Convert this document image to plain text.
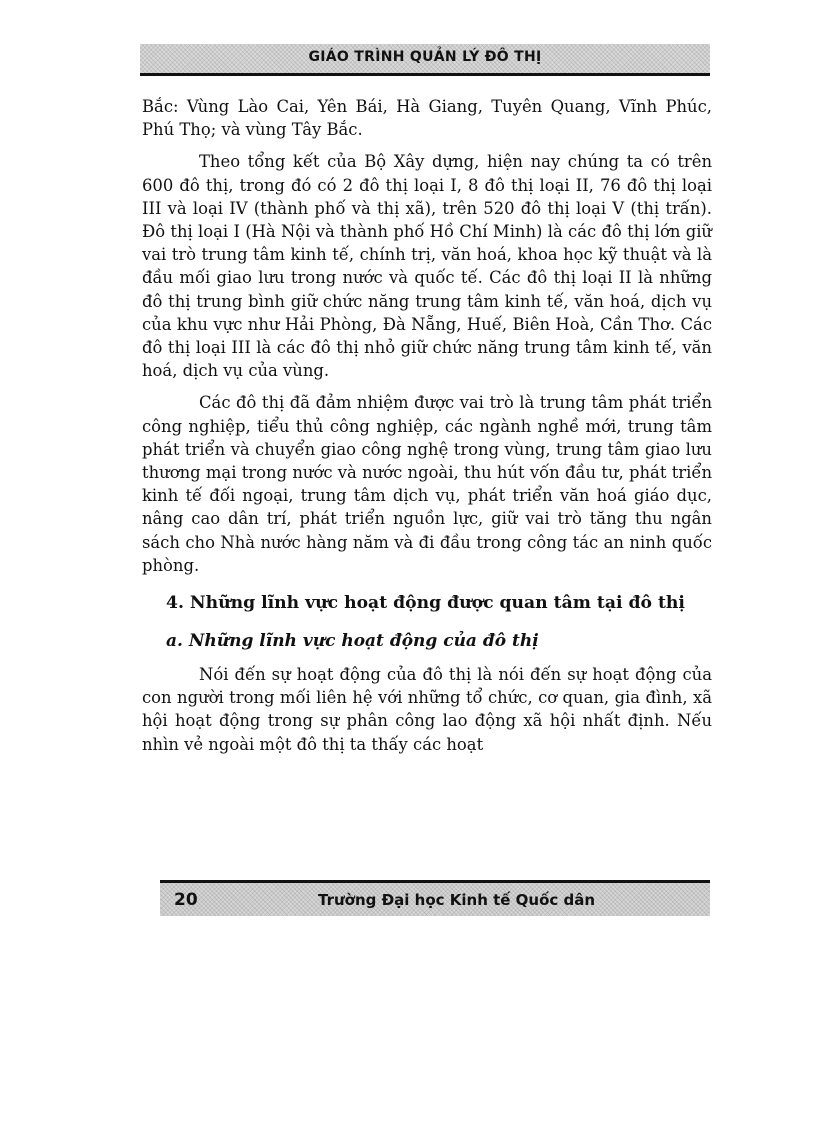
GIÁO TRÌNH QUẢN LÝ ĐÔ THỊ

Bắc: Vùng Lào Cai, Yên Bái, Hà Giang, Tuyên Quang, Vĩnh Phúc, Phú Thọ; và vùng Tây Bắc.

Theo tổng kết của Bộ Xây dựng, hiện nay chúng ta có trên 600 đô thị, trong đó có 2 đô thị loại I, 8 đô thị loại II, 76 đô thị loại III và loại IV (thành phố và thị xã), trên 520 đô thị loại V (thị trấn). Đô thị loại I (Hà Nội và thành phố Hồ Chí Minh) là các đô thị lớn giữ vai trò trung tâm kinh tế, chính trị, văn hoá, khoa học kỹ thuật và là đầu mối giao lưu trong nước và quốc tế. Các đô thị loại II là những đô thị trung bình giữ chức năng trung tâm kinh tế, văn hoá, dịch vụ của khu vực như Hải Phòng, Đà Nẵng, Huế, Biên Hoà, Cần Thơ. Các đô thị loại III là các đô thị nhỏ giữ chức năng trung tâm kinh tế, văn hoá, dịch vụ của vùng.

Các đô thị đã đảm nhiệm được vai trò là trung tâm phát triển công nghiệp, tiểu thủ công nghiệp, các ngành nghề mới, trung tâm phát triển và chuyển giao công nghệ trong vùng, trung tâm giao lưu thương mại trong nước và nước ngoài, thu hút vốn đầu tư, phát triển kinh tế đối ngoại, trung tâm dịch vụ, phát triển văn hoá giáo dục, nâng cao dân trí, phát triển nguồn lực, giữ vai trò tăng thu ngân sách cho Nhà nước hàng năm và đi đầu trong công tác an ninh quốc phòng.

4. Những lĩnh vực hoạt động được quan tâm tại đô thị
a. Những lĩnh vực hoạt động của đô thị

Nói đến sự hoạt động của đô thị là nói đến sự hoạt động của con người trong mối liên hệ với những tổ chức, cơ quan, gia đình, xã hội hoạt động trong sự phân công lao động xã hội nhất định. Nếu nhìn vẻ ngoài một đô thị ta thấy các hoạt

20	Trường Đại học Kinh tế Quốc dân
